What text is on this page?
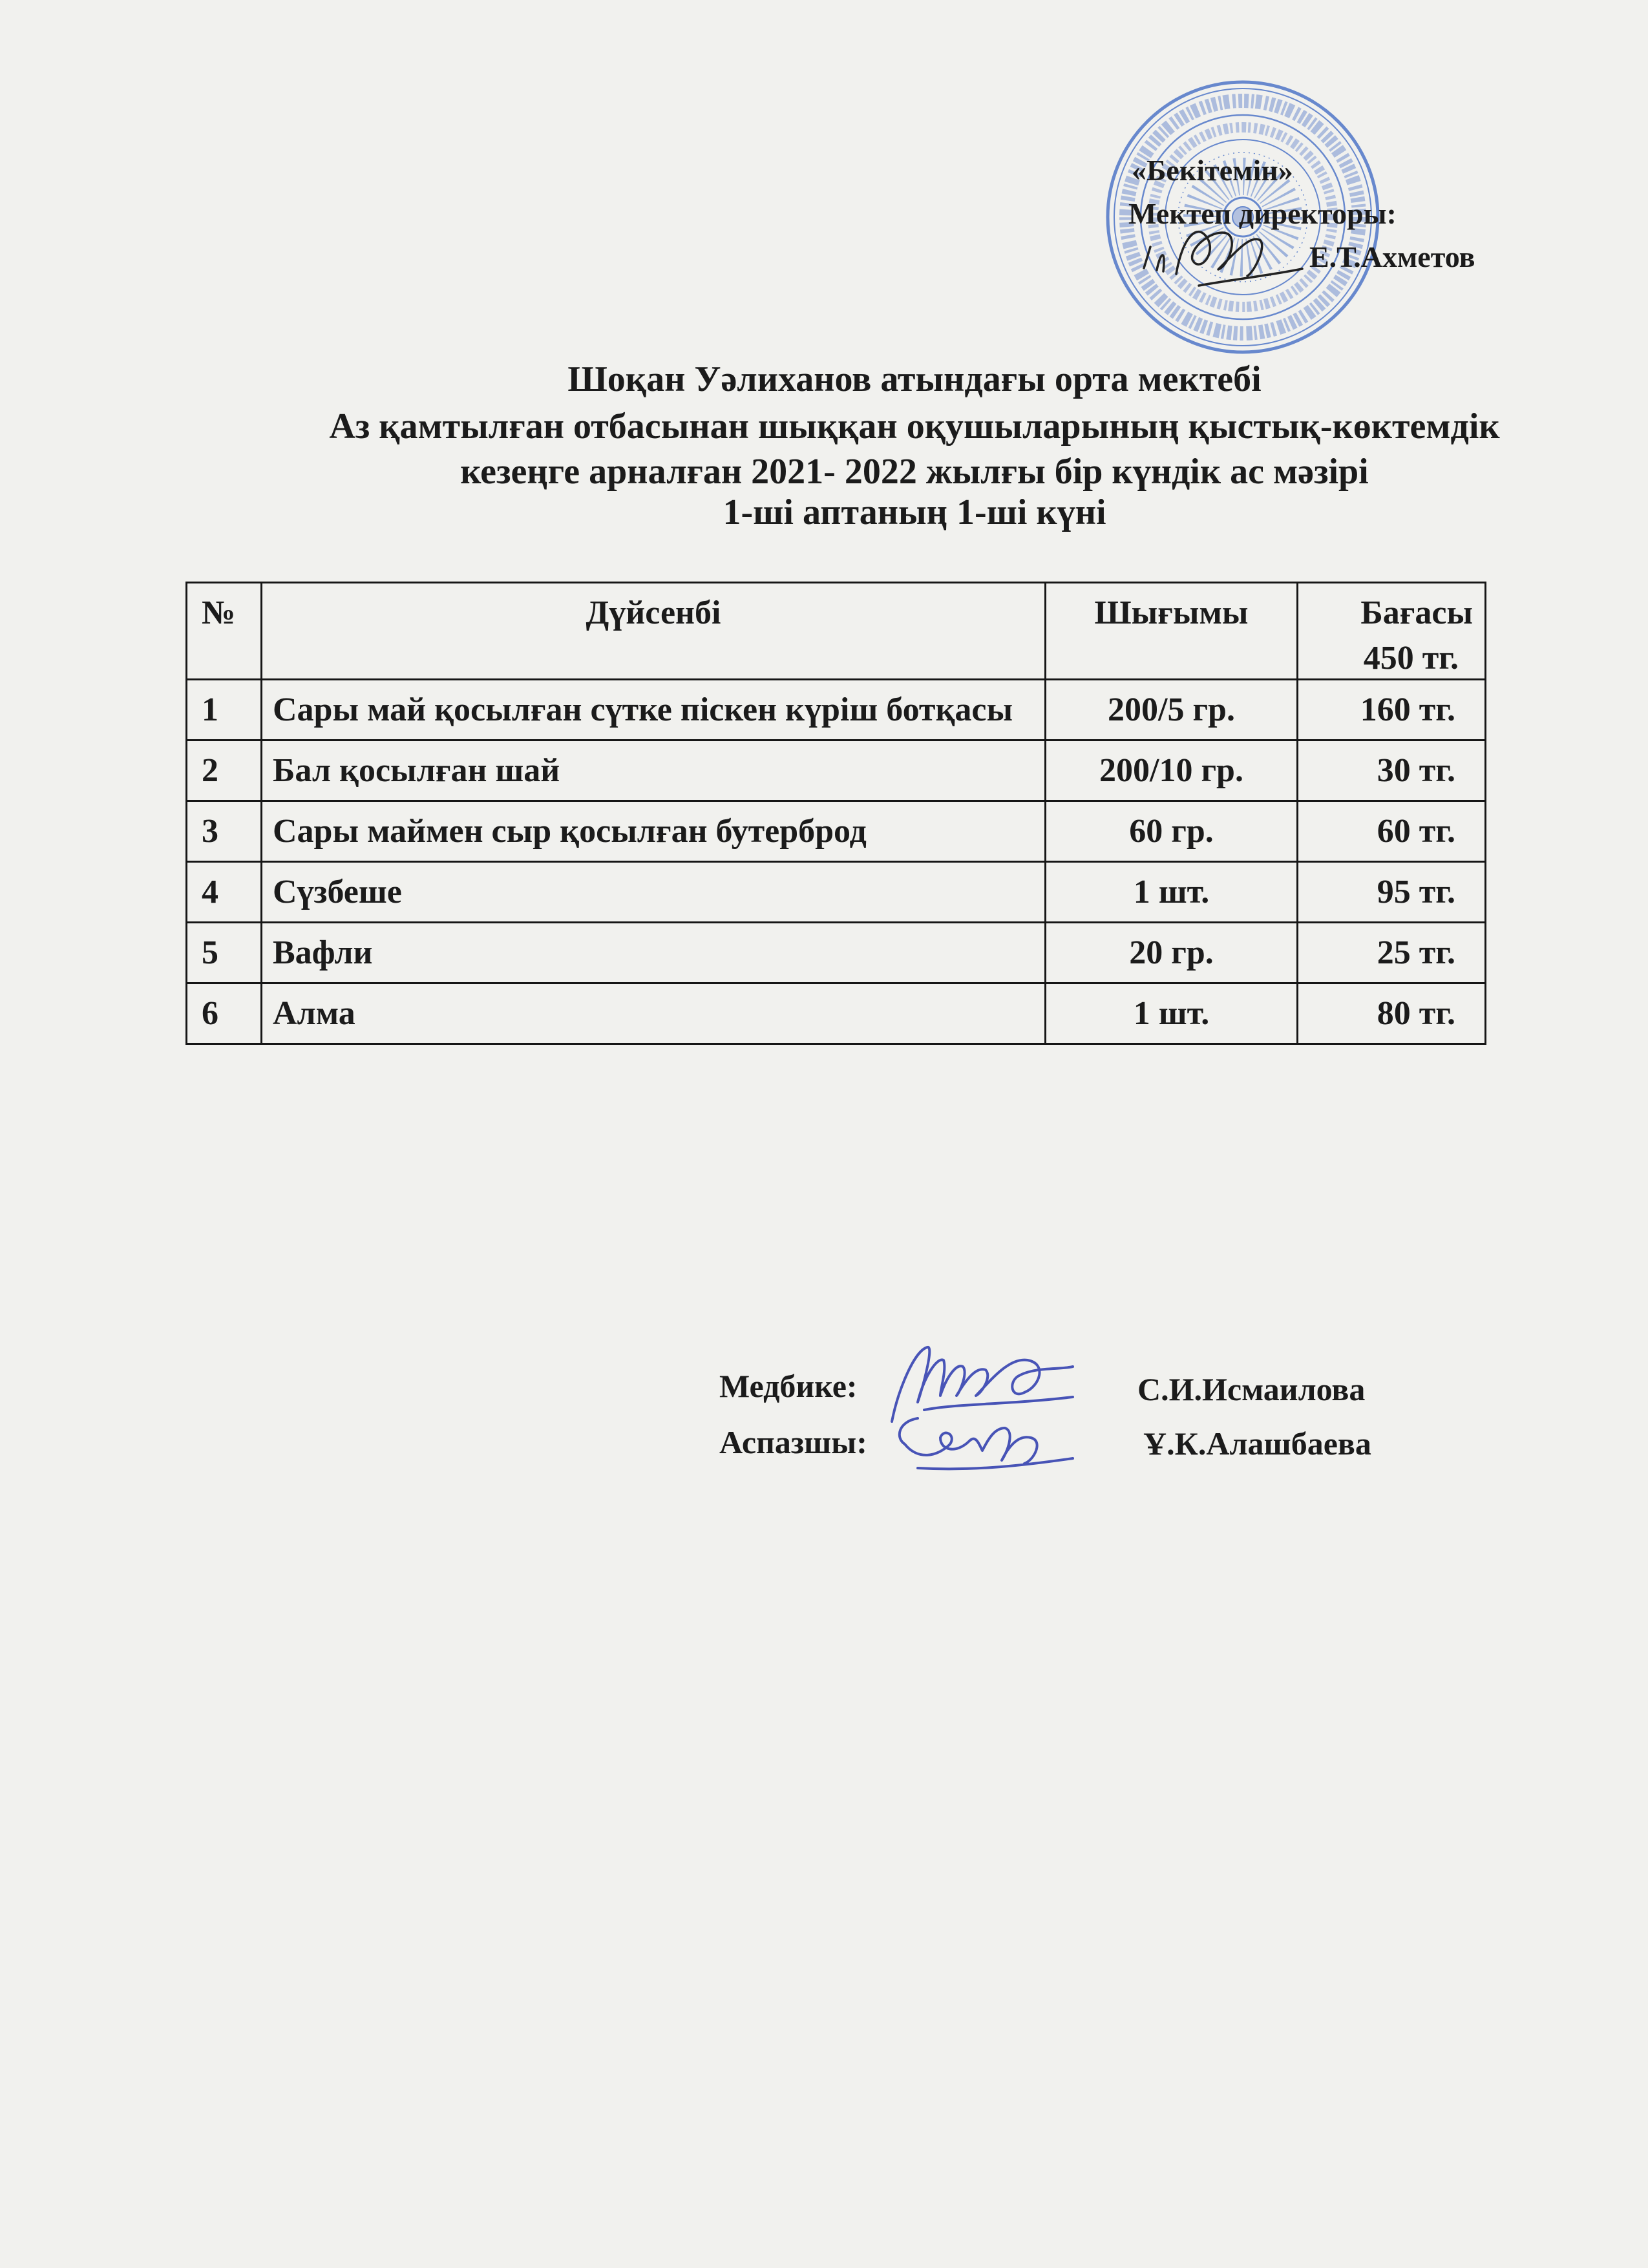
«Бекітемін»
Мектеп директоры:
Е.Т.Ахметов
Шоқан Уәлиханов атындағы орта мектебі
Аз қамтылған отбасынан шыққан оқушыларының қыстық-көктемдік
кезеңге арналған 2021- 2022 жылғы бір күндік ас мәзірі
1-ші аптаның 1-ші күні
№	Дүйсенбі	Шығымы	Бағасы
450 тг.

1	Сары май қосылған сүтке піскен күріш ботқасы	200/5 гр.	160 тг.
2	Бал қосылған шай	200/10 гр.	30 тг.
3	Сары маймен сыр қосылған бутерброд	60 гр.	60 тг.
4	Сүзбеше	1 шт.	95 тг.
5	Вафли	20 гр.	25 тг.
6	Алма	1 шт.	80 тг.
Медбике:	С.И.Исмаилова
Аспазшы:	Ұ.К.Алашбаева
